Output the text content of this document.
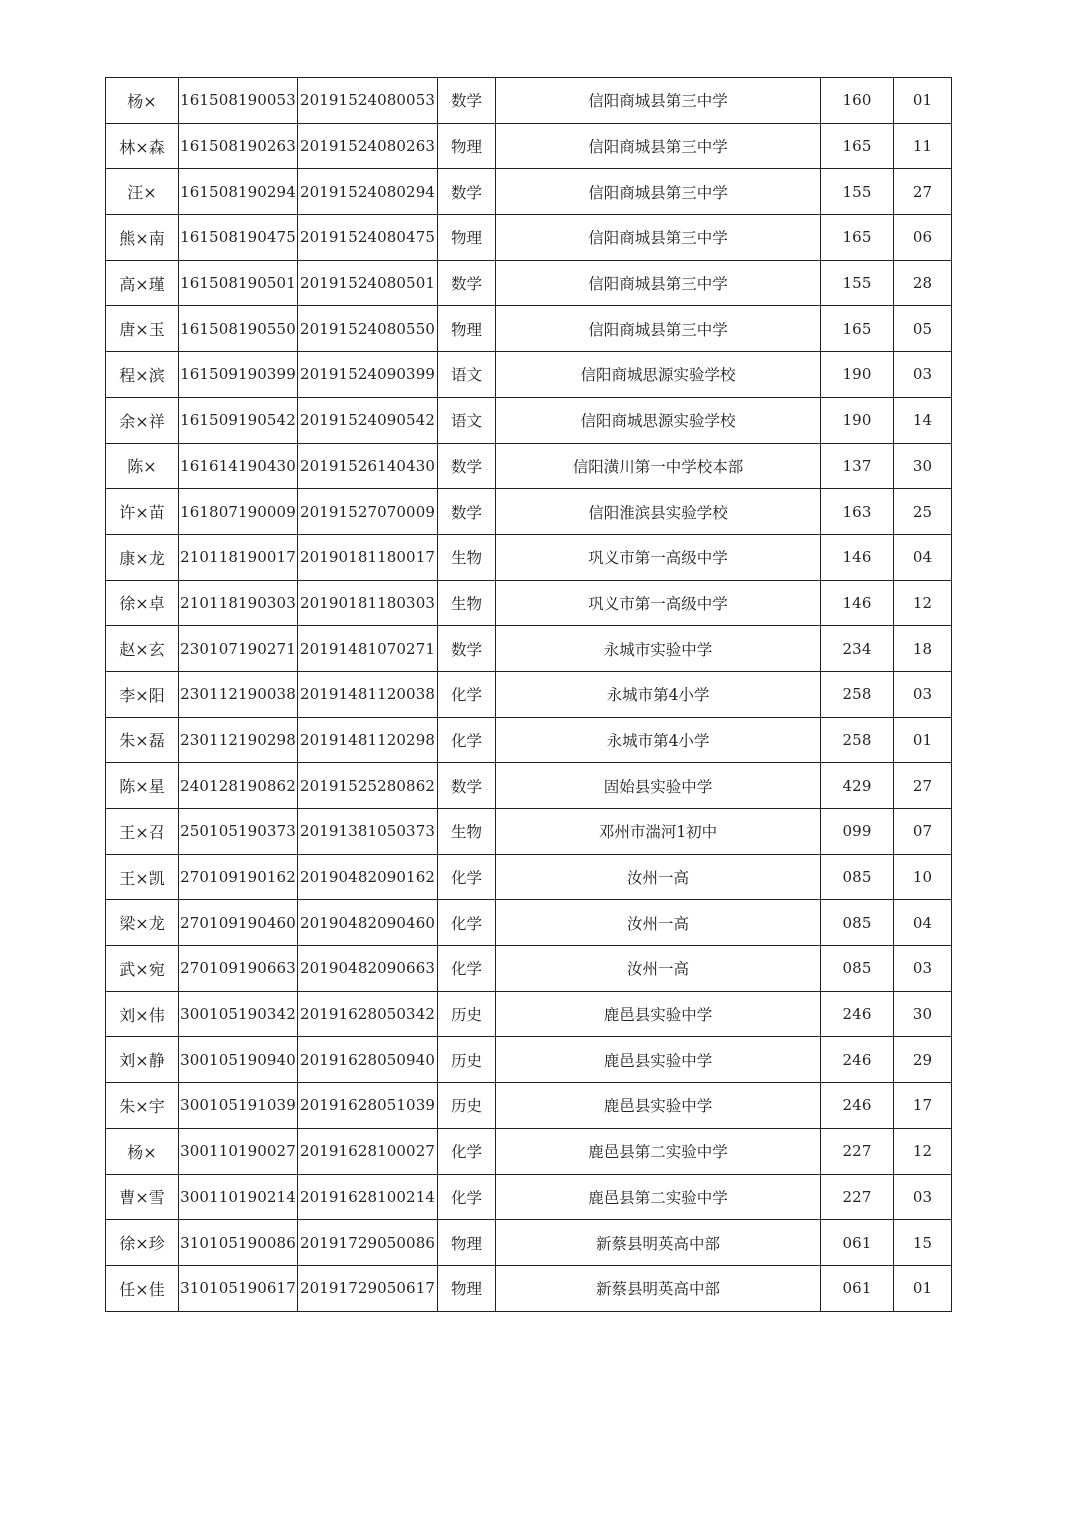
杨×	161508190053	20191524080053	数学	信阳商城县第三中学	160	01
林×森	161508190263	20191524080263	物理	信阳商城县第三中学	165	11
汪×	161508190294	20191524080294	数学	信阳商城县第三中学	155	27
熊×南	161508190475	20191524080475	物理	信阳商城县第三中学	165	06
高×瑾	161508190501	20191524080501	数学	信阳商城县第三中学	155	28
唐×玉	161508190550	20191524080550	物理	信阳商城县第三中学	165	05
程×滨	161509190399	20191524090399	语文	信阳商城思源实验学校	190	03
余×祥	161509190542	20191524090542	语文	信阳商城思源实验学校	190	14
陈×	161614190430	20191526140430	数学	信阳潢川第一中学校本部	137	30
许×苗	161807190009	20191527070009	数学	信阳淮滨县实验学校	163	25
康×龙	210118190017	20190181180017	生物	巩义市第一高级中学	146	04
徐×卓	210118190303	20190181180303	生物	巩义市第一高级中学	146	12
赵×玄	230107190271	20191481070271	数学	永城市实验中学	234	18
李×阳	230112190038	20191481120038	化学	永城市第4小学	258	03
朱×磊	230112190298	20191481120298	化学	永城市第4小学	258	01
陈×星	240128190862	20191525280862	数学	固始县实验中学	429	27
王×召	250105190373	20191381050373	生物	邓州市湍河1初中	099	07
王×凯	270109190162	20190482090162	化学	汝州一高	085	10
梁×龙	270109190460	20190482090460	化学	汝州一高	085	04
武×宛	270109190663	20190482090663	化学	汝州一高	085	03
刘×伟	300105190342	20191628050342	历史	鹿邑县实验中学	246	30
刘×静	300105190940	20191628050940	历史	鹿邑县实验中学	246	29
朱×宇	300105191039	20191628051039	历史	鹿邑县实验中学	246	17
杨×	300110190027	20191628100027	化学	鹿邑县第二实验中学	227	12
曹×雪	300110190214	20191628100214	化学	鹿邑县第二实验中学	227	03
徐×珍	310105190086	20191729050086	物理	新蔡县明英高中部	061	15
任×佳	310105190617	20191729050617	物理	新蔡县明英高中部	061	01
